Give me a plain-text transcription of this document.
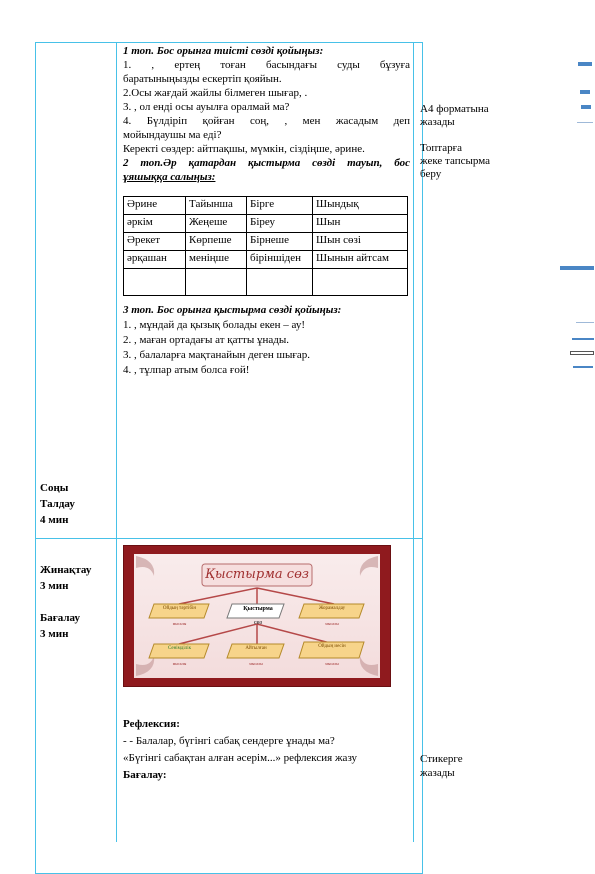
Соңы
Талдау
4 мин
Жинақтау
3 мин
Бағалау
3 мин
1 топ. Бос орынға тиісті сөзді қойыңыз:
1. , ертең тоған басындағы суды бұзуға
баратыныңызды ескертіп қояйын.
2.Осы жағдай жайлы білмеген шығар, .
3. , ол енді осы ауылға оралмай ма?
4. Бүлдіріп қойған соң, , мен жасадым деп
мойындаушы ма еді?
Керекті сөздер: айтпақшы, мүмкін, сіздіңше, әрине.
2 топ.Әр қатардан қыстырма сөзді тауып, бос
ұяшыққа салыңыз:
Әрине	Тайынша	Бірге	Шындық
әркім	Жеңеше	Біреу	Шын
Әрекет	Көрпеше	Бірнеше	Шын сөзі
әрқашан	меніңше	біріншіден	Шынын айтсам

3 топ. Бос орынға қыстырма сөзді қойыңыз:
1. , мұндай да қызық болады екен – ау!
2. , маған ортадағы ат қатты ұнады.
3. , балаларға мақтанайын деген шығар.
4. , тұлпар атым болса ғой!
Қыстырма сөз
Қыстырма
сөз
Ойдың тәртібін	Жорамалдау
Сенімділік	Айтылған	Ойдың иесін
мысалы	мысалы
мысалы	мысалы	мысалы
Рефлексия:
- - Балалар, бүгінгі сабақ сендерге ұнады ма?
«Бүгінгі сабақтан алған әсерім...» рефлексия жазу
Бағалау:
А4 форматына
жазады
Топтарға
жеке тапсырма
беру
Стикерге
жазады
